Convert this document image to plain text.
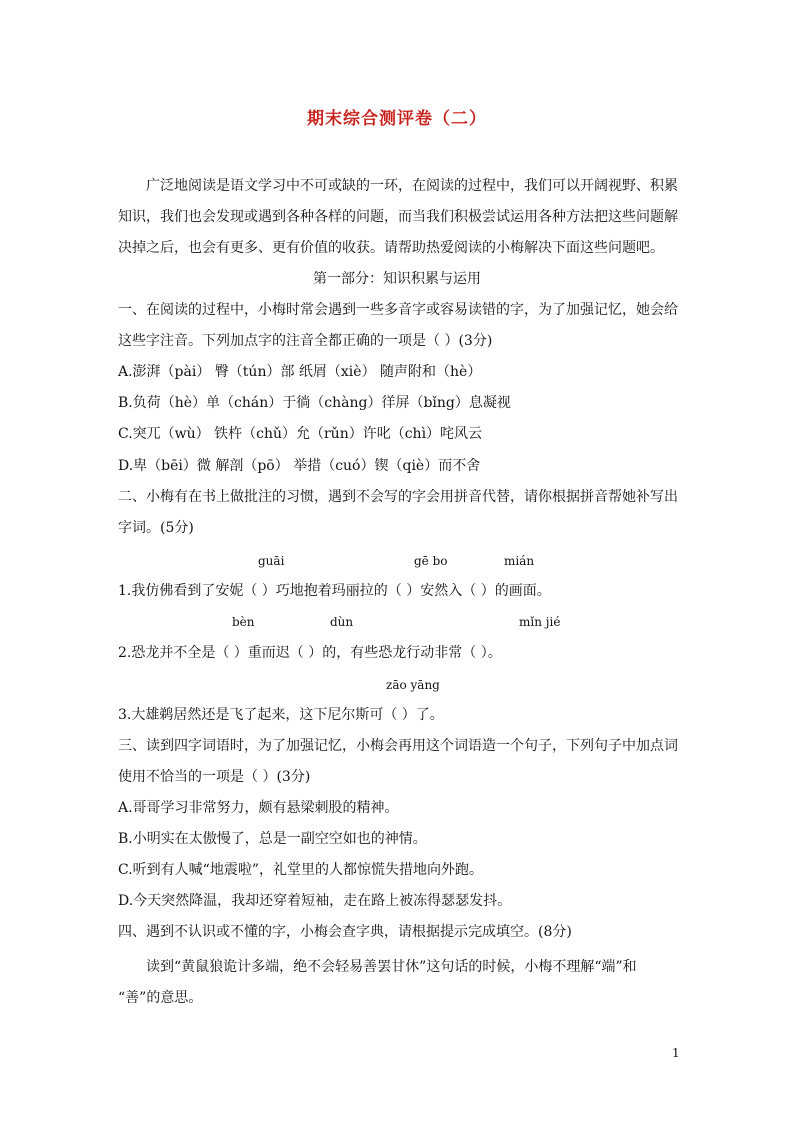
期末综合测评卷（二）
广泛地阅读是语文学习中不可或缺的一环，在阅读的过程中，我们可以开阔视野、积累
知识，我们也会发现或遇到各种各样的问题，而当我们积极尝试运用各种方法把这些问题解
决掉之后，也会有更多、更有价值的收获。请帮助热爱阅读的小梅解决下面这些问题吧。
第一部分：知识积累与运用
一、在阅读的过程中，小梅时常会遇到一些多音字或容易读错的字，为了加强记忆，她会给
这些字注音。下列加点字的注音全都正确的一项是（ ）(3分)
A.澎湃（pài） 臀（tún）部 纸屑（xiè） 随声附和（hè）
B.负荷（hè）单（chán）于徜（chàng）徉屏（bǐng）息凝视
C.突兀（wù） 铁杵（chǔ）允（rǔn）许叱（chì）咤风云
D.卑（bēi）微 解剖（pō） 举措（cuó）锲（qiè）而不舍
二、小梅有在书上做批注的习惯，遇到不会写的字会用拼音代替，请你根据拼音帮她补写出
字词。(5分)
guāi	gē bo	mián
1.我仿佛看到了安妮（ ）巧地抱着玛丽拉的（ ）安然入（ ）的画面。
bèn	dùn	mǐn jié
2.恐龙并不全是（ ）重而迟（ ）的，有些恐龙行动非常（ ）。
zāo yāng
3.大雄鹈居然还是飞了起来，这下尼尔斯可（ ）了。
三、读到四字词语时，为了加强记忆，小梅会再用这个词语造一个句子，下列句子中加点词
使用不恰当的一项是（ ）(3分)
A.哥哥学习非常努力，颇有悬梁刺股的精神。
B.小明实在太傲慢了，总是一副空空如也的神情。
C.听到有人喊“地震啦”，礼堂里的人都惊慌失措地向外跑。
D.今天突然降温，我却还穿着短袖，走在路上被冻得瑟瑟发抖。
四、遇到不认识或不懂的字，小梅会查字典，请根据提示完成填空。(8分)
读到“黄鼠狼诡计多端，绝不会轻易善罢甘休”这句话的时候，小梅不理解“端”和
“善”的意思。
1
